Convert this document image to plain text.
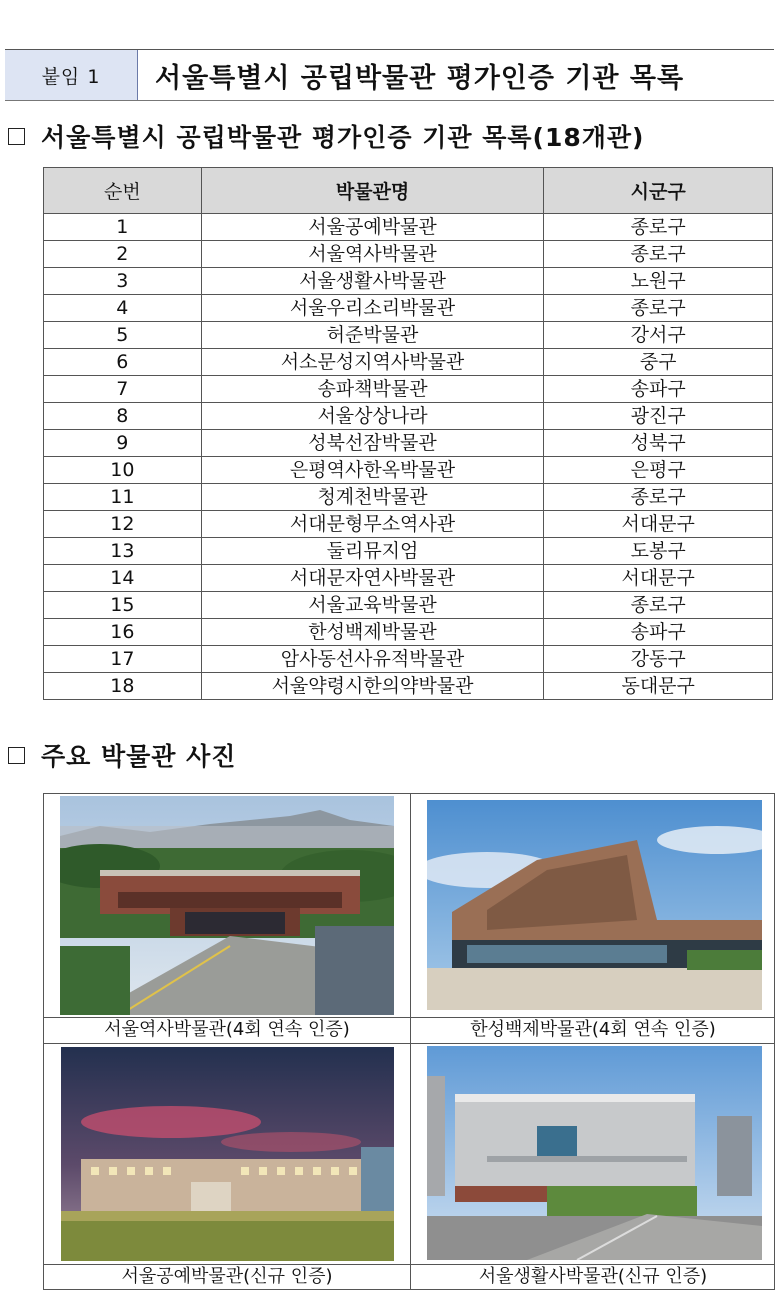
붙임 1	서울특별시 공립박물관 평가인증 기관 목록
서울특별시 공립박물관 평가인증 기관 목록(18개관)
순번	박물관명	시군구
1	서울공예박물관	종로구
2	서울역사박물관	종로구
3	서울생활사박물관	노원구
4	서울우리소리박물관	종로구
5	허준박물관	강서구
6	서소문성지역사박물관	중구
7	송파책박물관	송파구
8	서울상상나라	광진구
9	성북선잠박물관	성북구
10	은평역사한옥박물관	은평구
11	청계천박물관	종로구
12	서대문형무소역사관	서대문구
13	둘리뮤지엄	도봉구
14	서대문자연사박물관	서대문구
15	서울교육박물관	종로구
16	한성백제박물관	송파구
17	암사동선사유적박물관	강동구
18	서울약령시한의약박물관	동대문구
주요 박물관 사진
서울역사박물관(4회 연속 인증)	한성백제박물관(4회 연속 인증)
서울공예박물관(신규 인증)	서울생활사박물관(신규 인증)
